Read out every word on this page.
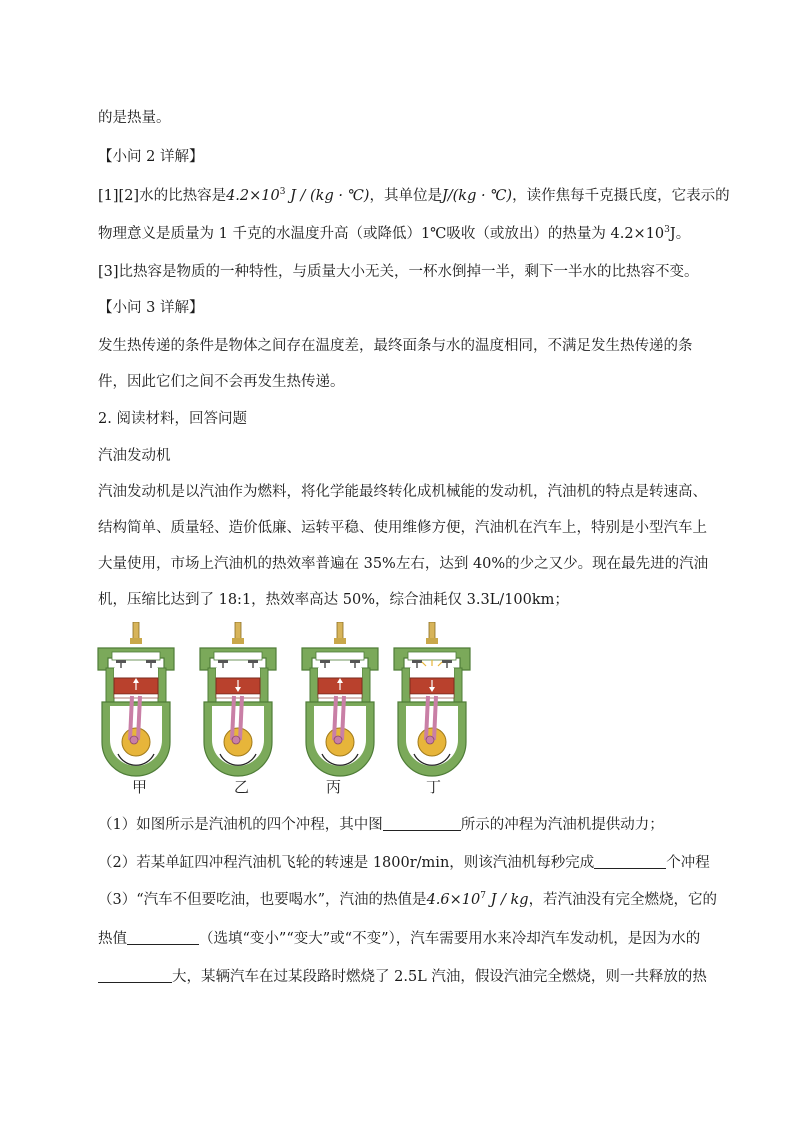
的是热量。
【小问 2 详解】
[1][2]水的比热容是$4.2\times 10^3$ J / (kg · ℃)，其单位是J/(kg · ℃)，读作焦每千克摄氏度，它表示的
物理意义是质量为 1 千克的水温度升高（或降低）1℃吸收（或放出）的热量为 $4.2\times 10^3J$。
[3]比热容是物质的一种特性，与质量大小无关，一杯水倒掉一半，剩下一半水的比热容不变。
【小问 3 详解】
发生热传递的条件是物体之间存在温度差，最终面条与水的温度相同，不满足发生热传递的条
件，因此它们之间不会再发生热传递。
2. 阅读材料，回答问题
汽油发动机
汽油发动机是以汽油作为燃料，将化学能最终转化成机械能的发动机，汽油机的特点是转速高、
结构简单、质量轻、造价低廉、运转平稳、使用维修方便，汽油机在汽车上，特别是小型汽车上
大量使用，市场上汽油机的热效率普遍在 35%左右，达到 40%的少之又少。现在最先进的汽油
机，压缩比达到了 18:1，热效率高达 50%，综合油耗仅 3.3L/100km；
甲	乙	丙	丁
（1）如图所示是汽油机的四个冲程，其中图	所示的冲程为汽油机提供动力；
（2）若某单缸四冲程汽油机飞轮的转速是 1800r/min，则该汽油机每秒完成	个冲程
（3）“汽车不但要吃油，也要喝水”，汽油的热值是$4.6\times 10^7$ J / kg，若汽油没有完全燃烧，它的
热值	（选填“变小”“变大”或“不变”），汽车需要用水来冷却汽车发动机，是因为水的
大，某辆汽车在过某段路时燃烧了 2.5L 汽油，假设汽油完全燃烧，则一共释放的热
